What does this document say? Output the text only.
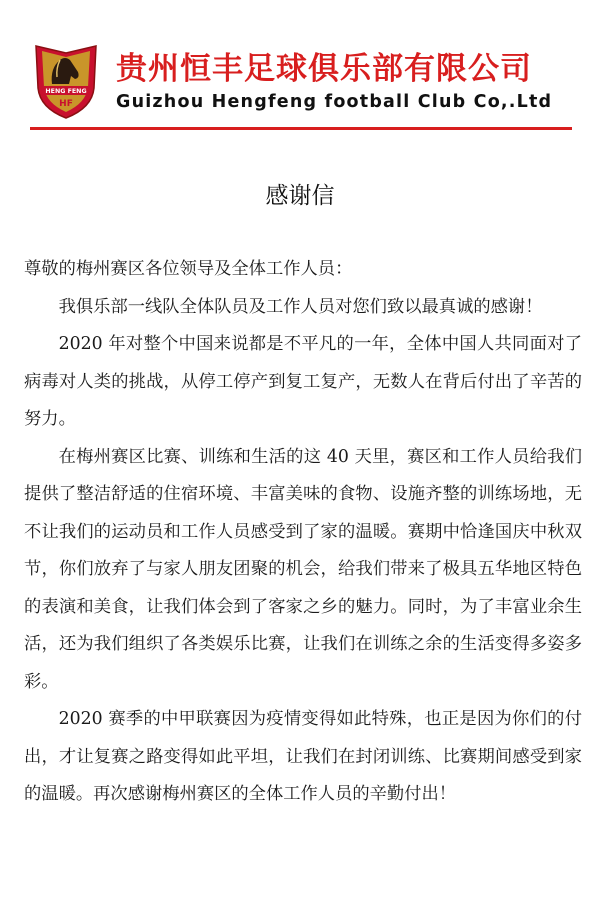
HENG FENG
HF
贵州恒丰足球俱乐部有限公司
Guizhou Hengfeng football Club Co,.Ltd
感谢信

尊敬的梅州赛区各位领导及全体工作人员：

我俱乐部一线队全体队员及工作人员对您们致以最真诚的感谢！

2020 年对整个中国来说都是不平凡的一年，全体中国人共同面对了病毒对人类的挑战，从停工停产到复工复产，无数人在背后付出了辛苦的努力。

在梅州赛区比赛、训练和生活的这 40 天里，赛区和工作人员给我们提供了整洁舒适的住宿环境、丰富美味的食物、设施齐整的训练场地，无不让我们的运动员和工作人员感受到了家的温暖。赛期中恰逢国庆中秋双节，你们放弃了与家人朋友团聚的机会，给我们带来了极具五华地区特色的表演和美食，让我们体会到了客家之乡的魅力。同时，为了丰富业余生活，还为我们组织了各类娱乐比赛，让我们在训练之余的生活变得多姿多彩。

2020 赛季的中甲联赛因为疫情变得如此特殊，也正是因为你们的付出，才让复赛之路变得如此平坦，让我们在封闭训练、比赛期间感受到家的温暖。再次感谢梅州赛区的全体工作人员的辛勤付出！
